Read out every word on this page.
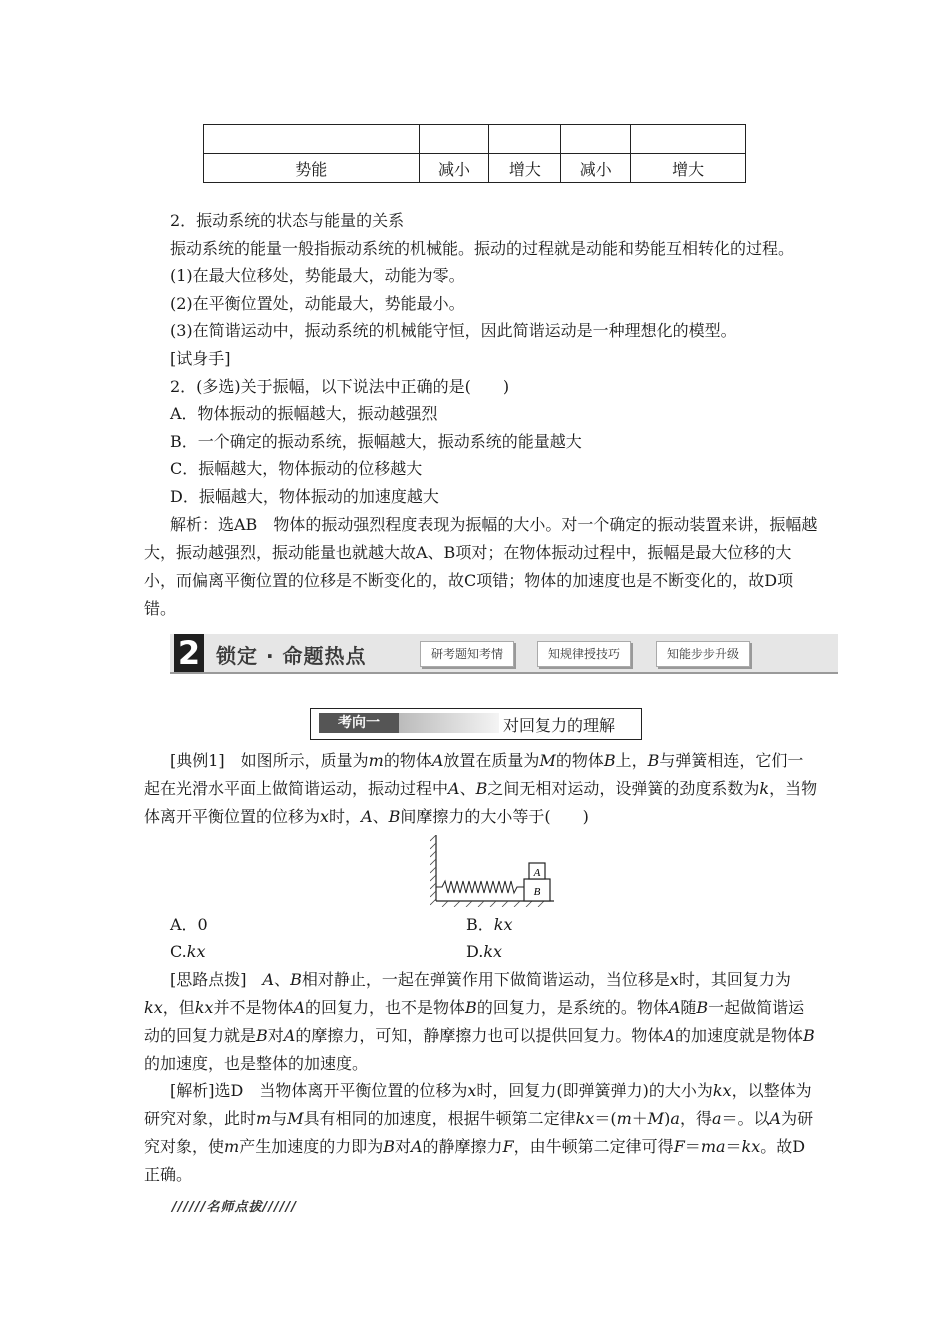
势能	减小	增大	减小	增大
2．振动系统的状态与能量的关系
振动系统的能量一般指振动系统的机械能。振动的过程就是动能和势能互相转化的过程。
(1)在最大位移处，势能最大，动能为零。
(2)在平衡位置处，动能最大，势能最小。
(3)在简谐运动中，振动系统的机械能守恒，因此简谐运动是一种理想化的模型。
[试身手]
2．(多选)关于振幅，以下说法中正确的是(　　)
A．物体振动的振幅越大，振动越强烈
B．一个确定的振动系统，振幅越大，振动系统的能量越大
C．振幅越大，物体振动的位移越大
D．振幅越大，物体振动的加速度越大
解析：选AB　物体的振动强烈程度表现为振幅的大小。对一个确定的振动装置来讲，振幅越大，振动越强烈，振动能量也就越大故A、B项对；在物体振动过程中，振幅是最大位移的大小，而偏离平衡位置的位移是不断变化的，故C项错；物体的加速度也是不断变化的，故D项错。
2 锁定 · 命题热点	研考题知考情	知规律授技巧	知能步步升级
考向一	对回复力的理解
[典例1]　如图所示，质量为m的物体A放置在质量为M的物体B上，B与弹簧相连，它们一起在光滑水平面上做简谐运动，振动过程中A、B之间无相对运动，设弹簧的劲度系数为k，当物体离开平衡位置的位移为x时，A、B间摩擦力的大小等于(　　)
A
B
A．0	B．kx
C.kx	D.kx
[思路点拨]　A、B相对静止，一起在弹簧作用下做简谐运动，当位移是x时，其回复力为kx，但kx并不是物体A的回复力，也不是物体B的回复力，是系统的。物体A随B一起做简谐运动的回复力就是B对A的摩擦力，可知，静摩擦力也可以提供回复力。物体A的加速度就是物体B的加速度，也是整体的加速度。
[解析]选D　当物体离开平衡位置的位移为x时，回复力(即弹簧弹力)的大小为kx，以整体为研究对象，此时m与M具有相同的加速度，根据牛顿第二定律kx＝(m＋M)a，得a＝。以A为研究对象，使m产生加速度的力即为B对A的静摩擦力F，由牛顿第二定律可得F＝ma＝kx。故D正确。
//////名师点拔//////
